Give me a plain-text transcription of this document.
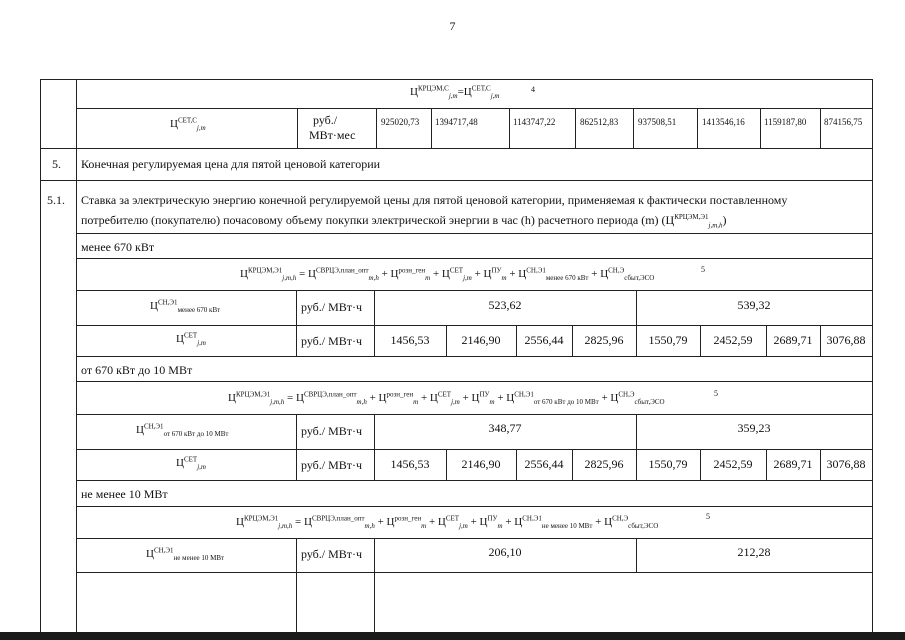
7
$Ц^{КРЦЭМ,С}_{j,m}=Ц^{СЕТ,С}_{j,m}$
4
$Ц^{СЕТ,С}_{j,m}$
руб./
МВт·мес
925020,73 1394717,48	1143747,22	862512,83 937508,51	1413546,16 1159187,80 874156,75
5. Конечная регулируемая цена для пятой ценовой категории
5.1. Ставка за электрическую энергию конечной регулируемой цены для пятой ценовой категории, применяемая к фактически поставленному
потребителю (покупателю) почасовому объему покупки электрической энергии в час (h) расчетного периода (m) $(Ц^{КРЦЭМ,Э1}_{j,m,h})$
менее 670 кВт
$Ц^{КРЦЭМ,Э1}_{j,m,h} = Ц^{СВРЦЭ,план\_опт}_{m,h} + Ц^{розн\_ген}_m + Ц^{СЕТ}_{j,m} + Ц^{ПУ}_m + Ц^{СН,Э1}_{менее 670 кВт} + Ц^{СН,Э}_{сбыт,ЭСО}$
5
$Ц^{СН,Э1}_{менее 670 кВт}$	руб./ МВт·ч	523,62	539,32
$Ц^{СЕТ}_{j,m}$	руб./ МВт·ч	1456,53	2146,90	2556,44	2825,96	1550,79	2452,59	2689,71	3076,88
от 670 кВт до 10 МВт
$Ц^{КРЦЭМ,Э1}_{j,m,h} = Ц^{СВРЦЭ,план\_опт}_{m,h} + Ц^{розн\_ген}_m + Ц^{СЕТ}_{j,m} + Ц^{ПУ}_m + Ц^{СН,Э1}_{от 670 кВт до 10 МВт} + Ц^{СН,Э}_{сбыт,ЭСО}$
5
$Ц^{СН,Э1}_{от 670 кВт до 10 МВт}$	руб./ МВт·ч	348,77	359,23
$Ц^{СЕТ}_{j,m}$	руб./ МВт·ч	1456,53	2146,90	2556,44	2825,96	1550,79	2452,59	2689,71	3076,88
не менее 10 МВт
$Ц^{КРЦЭМ,Э1}_{j,m,h} = Ц^{СВРЦЭ,план\_опт}_{m,h} + Ц^{розн\_ген}_m + Ц^{СЕТ}_{j,m} + Ц^{ПУ}_m + Ц^{СН,Э1}_{не менее 10 МВт} + Ц^{СН,Э}_{сбыт,ЭСО}$
5
$Ц^{СН,Э1}_{не менее 10 МВт}$	руб./ МВт·ч	206,10	212,28
